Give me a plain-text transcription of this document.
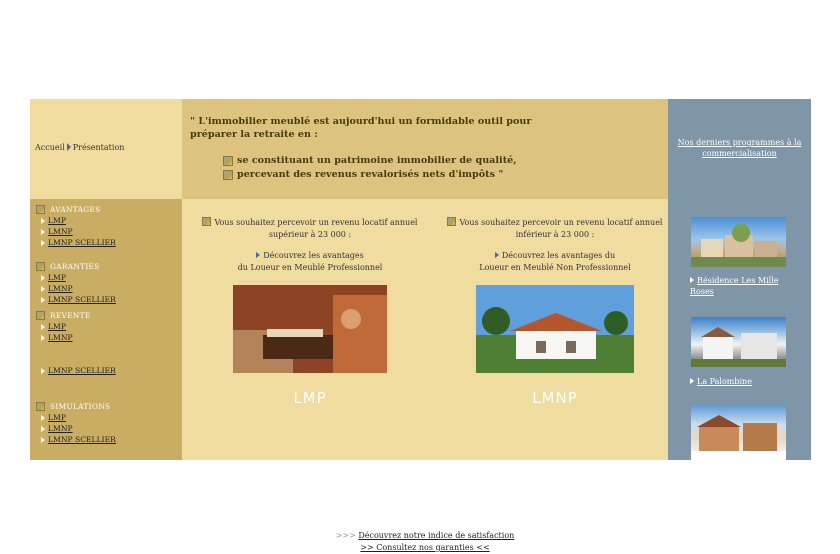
Accueil Présentation
" L'immobilier meublé est aujourd'hui un formidable outil pour
préparer la retraite en :
se constituant un patrimoine immobilier de qualité,
percevant des revenus revalorisés nets d'impôts "
Nos derniers programmes à la commercialisation
Résidence Les Mille Roses
La Palombine
AVANTAGES
LMP
LMNP
LMNP SCELLIER
GARANTIES
LMP
LMNP
LMNP SCELLIER
REVENTE
LMP
LMNP
LMNP SCELLIER
SIMULATIONS
LMP
LMNP
LMNP SCELLIER
Vous souhaitez percevoir un revenu locatif annuel
supérieur à 23 000 :
Découvrez les avantages
du Loueur en Meublé Professionnel
LMP
Vous souhaitez percevoir un revenu locatif annuel
inférieur à 23 000 :
Découvrez les avantages du
Loueur en Meublé Non Professionnel
LMNP
>>> Découvrez notre indice de satisfaction
>> Consultez nos garanties <<
